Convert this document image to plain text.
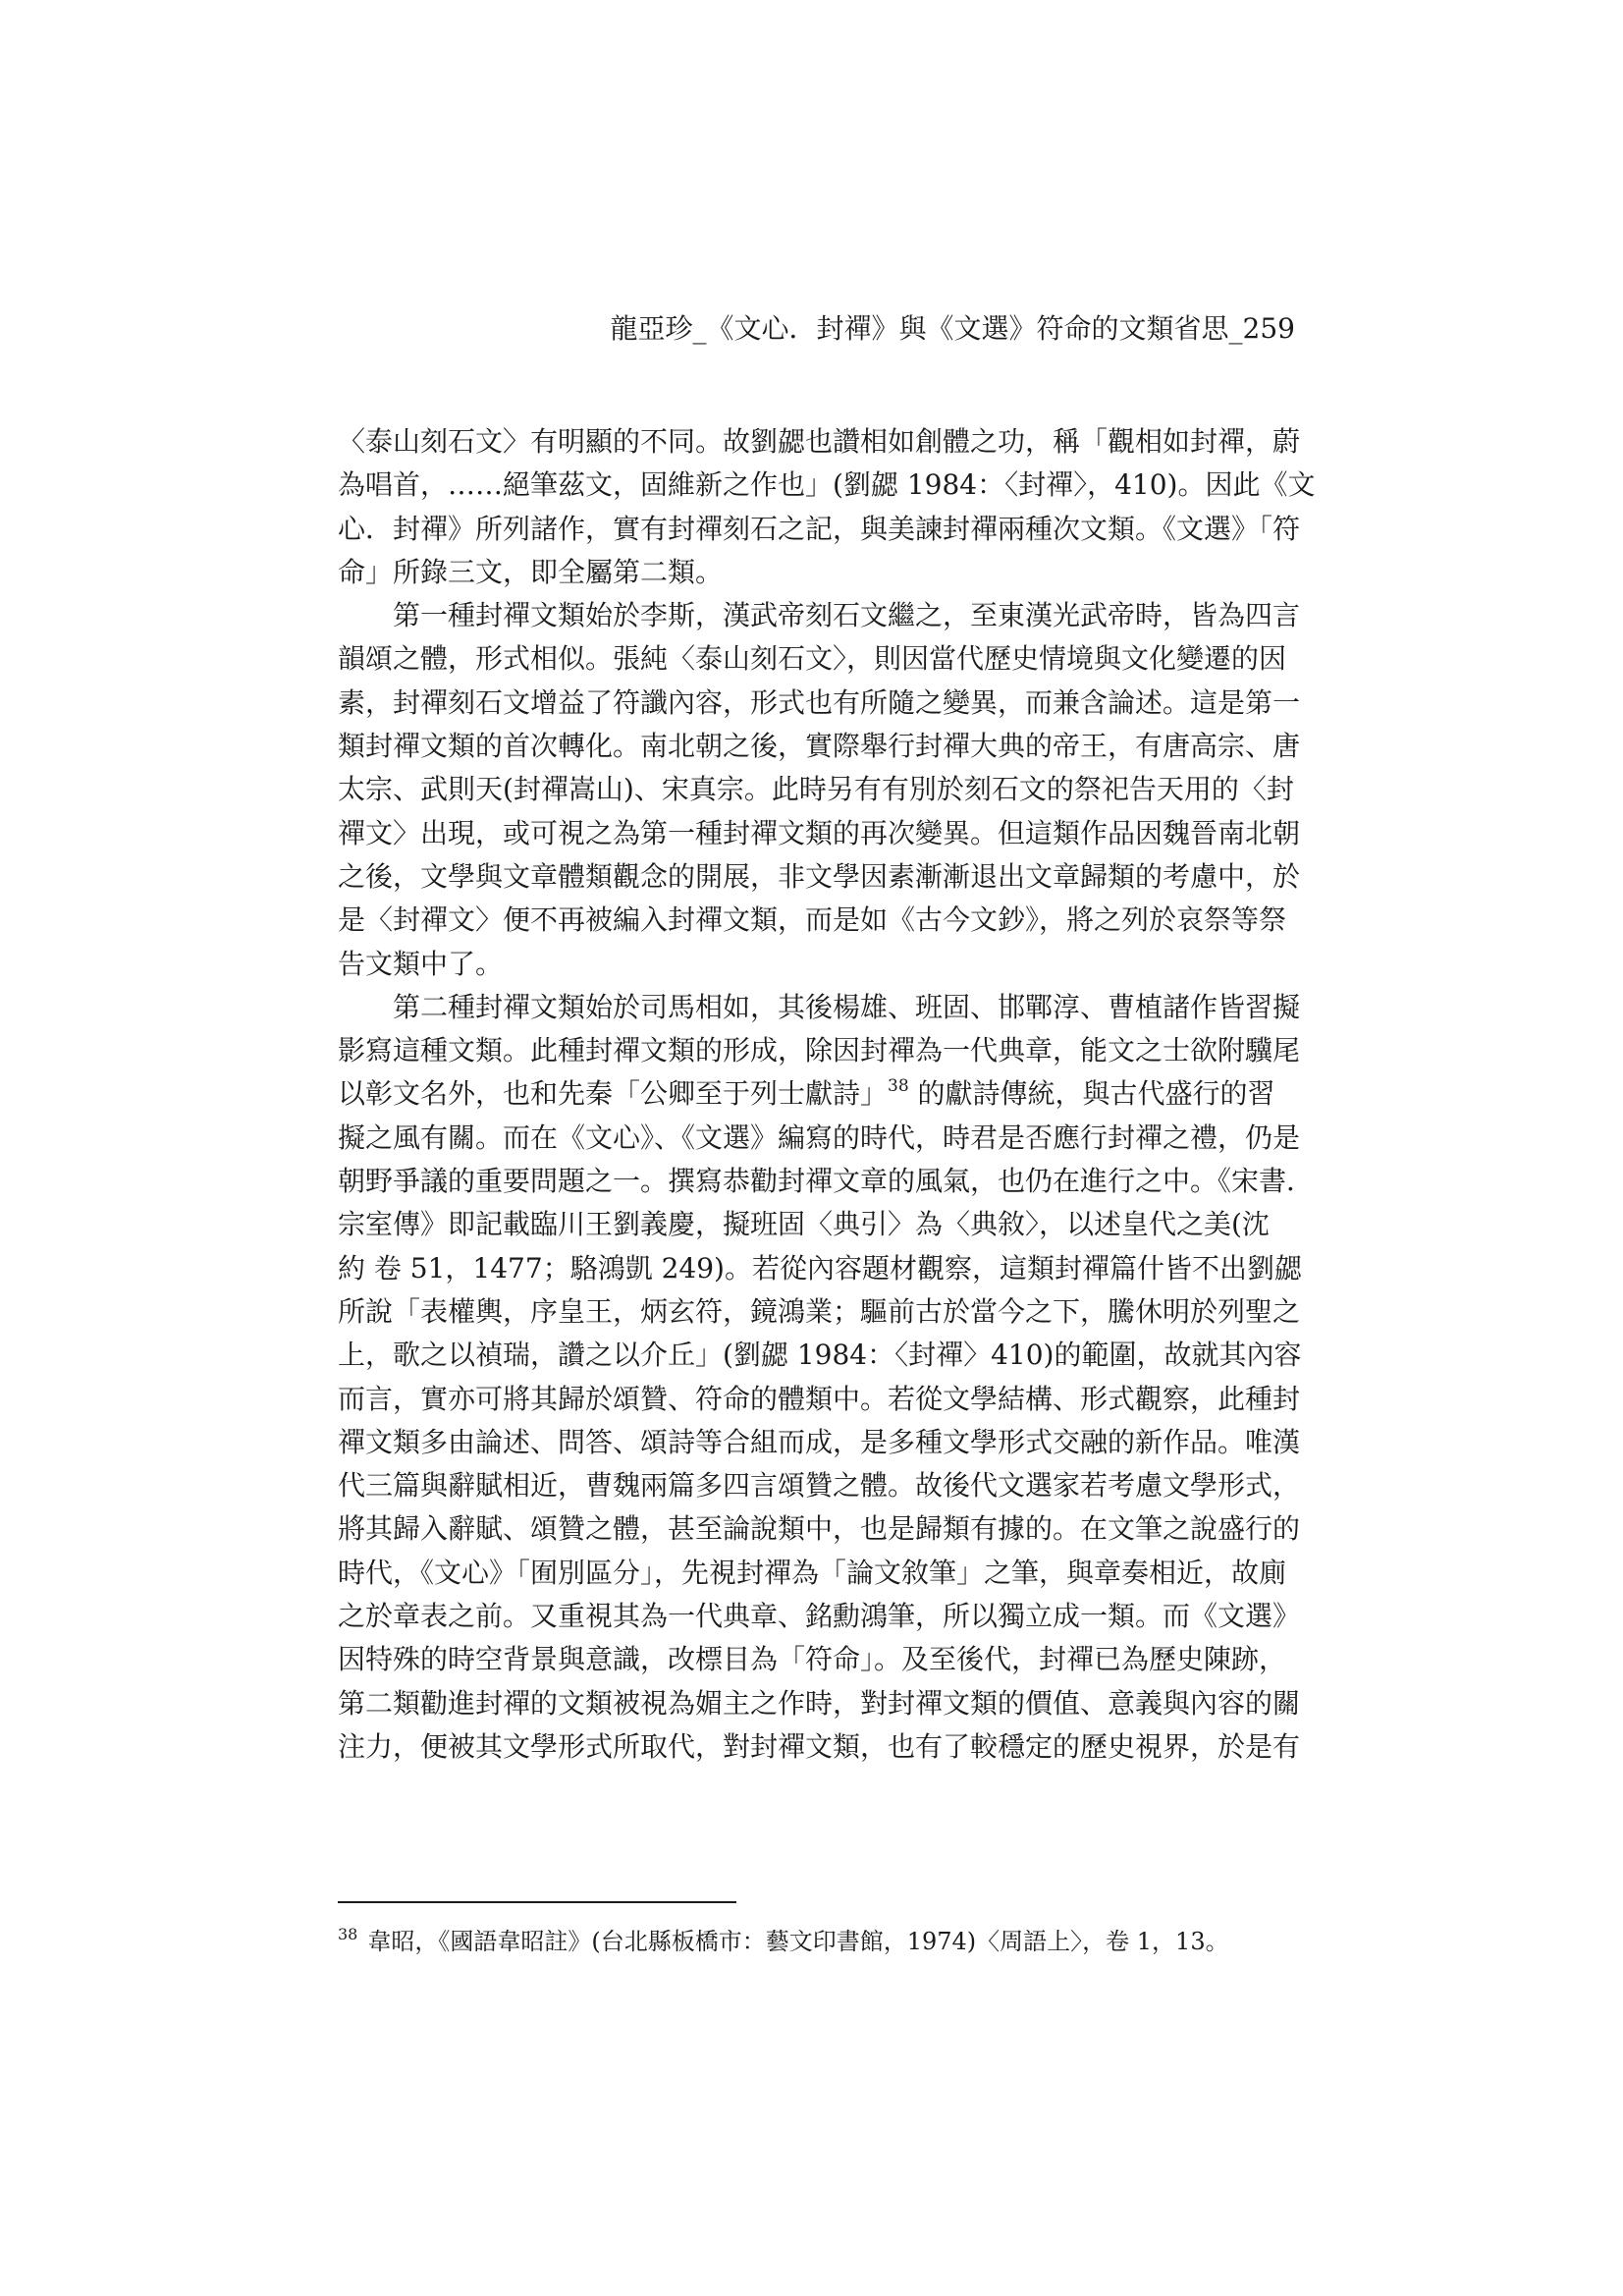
龍亞珍_《文心．封禪》與《文選》符命的文類省思_259
〈泰山刻石文〉有明顯的不同。故劉勰也讚相如創體之功，稱「觀相如封禪，蔚
為唱首，……絕筆茲文，固維新之作也」(劉勰 1984：〈封禪〉，410)。因此《文
心．封禪》所列諸作，實有封禪刻石之記，與美諫封禪兩種次文類。《文選》「符
命」所錄三文，即全屬第二類。
第一種封禪文類始於李斯，漢武帝刻石文繼之，至東漢光武帝時，皆為四言
韻頌之體，形式相似。張純〈泰山刻石文〉，則因當代歷史情境與文化變遷的因
素，封禪刻石文增益了符讖內容，形式也有所隨之變異，而兼含論述。這是第一
類封禪文類的首次轉化。南北朝之後，實際舉行封禪大典的帝王，有唐高宗、唐
太宗、武則天(封禪嵩山)、宋真宗。此時另有有別於刻石文的祭祀告天用的〈封
禪文〉出現，或可視之為第一種封禪文類的再次變異。但這類作品因魏晉南北朝
之後，文學與文章體類觀念的開展，非文學因素漸漸退出文章歸類的考慮中，於
是〈封禪文〉便不再被編入封禪文類，而是如《古今文鈔》，將之列於哀祭等祭
告文類中了。
第二種封禪文類始於司馬相如，其後楊雄、班固、邯鄲淳、曹植諸作皆習擬
影寫這種文類。此種封禪文類的形成，除因封禪為一代典章，能文之士欲附驥尾
以彰文名外，也和先秦「公卿至于列士獻詩」$^{38}$ 的獻詩傳統，與古代盛行的習
擬之風有關。而在《文心》、《文選》編寫的時代，時君是否應行封禪之禮，仍是
朝野爭議的重要問題之一。撰寫恭勸封禪文章的風氣，也仍在進行之中。《宋書．
宗室傳》即記載臨川王劉義慶，擬班固〈典引〉為〈典敘〉，以述皇代之美(沈
約 卷 51，1477；駱鴻凱 249)。若從內容題材觀察，這類封禪篇什皆不出劉勰
所說「表權輿，序皇王，炳玄符，鏡鴻業；驅前古於當今之下，騰休明於列聖之
上，歌之以禎瑞，讚之以介丘」(劉勰 1984：〈封禪〉410)的範圍，故就其內容
而言，實亦可將其歸於頌贊、符命的體類中。若從文學結構、形式觀察，此種封
禪文類多由論述、問答、頌詩等合組而成，是多種文學形式交融的新作品。唯漢
代三篇與辭賦相近，曹魏兩篇多四言頌贊之體。故後代文選家若考慮文學形式，
將其歸入辭賦、頌贊之體，甚至論說類中，也是歸類有據的。在文筆之說盛行的
時代，《文心》「囿別區分」，先視封禪為「論文敘筆」之筆，與章奏相近，故廁
之於章表之前。又重視其為一代典章、銘勳鴻筆，所以獨立成一類。而《文選》
因特殊的時空背景與意識，改標目為「符命」。及至後代，封禪已為歷史陳跡，
第二類勸進封禪的文類被視為媚主之作時，對封禪文類的價值、意義與內容的關
注力，便被其文學形式所取代，對封禪文類，也有了較穩定的歷史視界，於是有
$^{38}$ 韋昭，《國語韋昭註》(台北縣板橋市：藝文印書館，1974)〈周語上〉，卷 1，13。
